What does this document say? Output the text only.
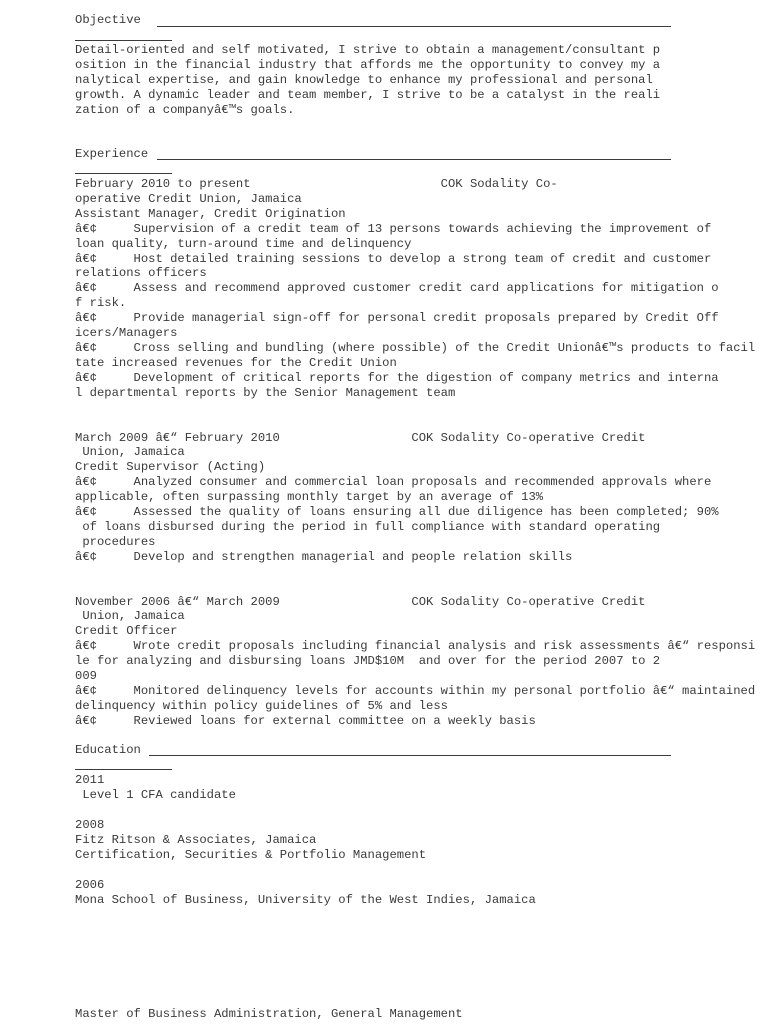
Objective
Detail-oriented and self motivated, I strive to obtain a management/consultant p
osition in the financial industry that affords me the opportunity to convey my a
nalytical expertise, and gain knowledge to enhance my professional and personal
growth. A dynamic leader and team member, I strive to be a catalyst in the reali
zation of a companyâ€™s goals.
Experience
February 2010 to present                          COK Sodality Co-
operative Credit Union, Jamaica
Assistant Manager, Credit Origination
â€¢     Supervision of a credit team of 13 persons towards achieving the improvement of
loan quality, turn-around time and delinquency
â€¢     Host detailed training sessions to develop a strong team of credit and customer
relations officers
â€¢     Assess and recommend approved customer credit card applications for mitigation o
f risk.
â€¢     Provide managerial sign-off for personal credit proposals prepared by Credit Off
icers/Managers
â€¢     Cross selling and bundling (where possible) of the Credit Unionâ€™s products to facil
tate increased revenues for the Credit Union
â€¢     Development of critical reports for the digestion of company metrics and interna
l departmental reports by the Senior Management team
March 2009 â€“ February 2010                  COK Sodality Co-operative Credit
Union, Jamaica
Credit Supervisor (Acting)
â€¢     Analyzed consumer and commercial loan proposals and recommended approvals where
applicable, often surpassing monthly target by an average of 13%
â€¢     Assessed the quality of loans ensuring all due diligence has been completed; 90%
of loans disbursed during the period in full compliance with standard operating
procedures
â€¢     Develop and strengthen managerial and people relation skills
November 2006 â€“ March 2009                  COK Sodality Co-operative Credit
Union, Jamaica
Credit Officer
â€¢     Wrote credit proposals including financial analysis and risk assessments â€“ responsi
le for analyzing and disbursing loans JMD$10M  and over for the period 2007 to 2
009
â€¢     Monitored delinquency levels for accounts within my personal portfolio â€“ maintained
delinquency within policy guidelines of 5% and less
â€¢     Reviewed loans for external committee on a weekly basis
Education
2011
Level 1 CFA candidate
2008
Fitz Ritson & Associates, Jamaica
Certification, Securities & Portfolio Management
2006
Mona School of Business, University of the West Indies, Jamaica
Master of Business Administration, General Management
